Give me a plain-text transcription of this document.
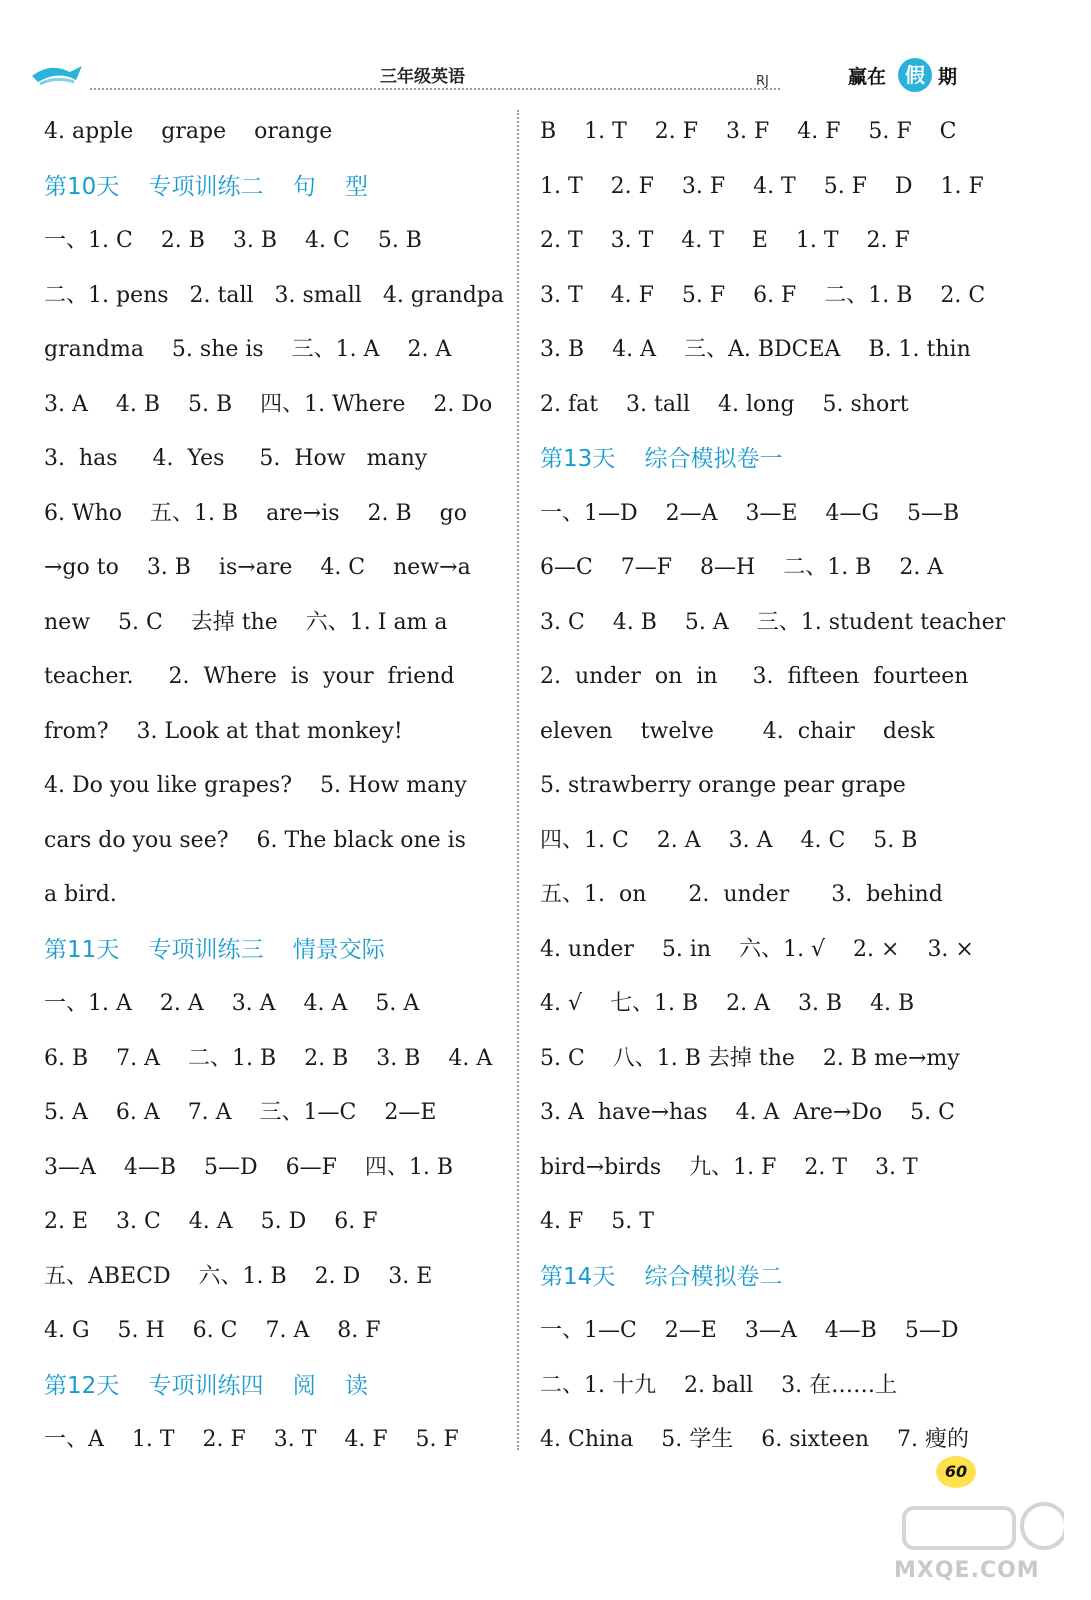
三年级英语	RJ	赢在 假 期
4. apple    grape    orange
第10天    专项训练二    句    型
一、1. C    2. B    3. B    4. C    5. B
二、1. pens   2. tall   3. small   4. grandpa
grandma    5. she is    三、1. A    2. A
3. A    4. B    5. B    四、1. Where    2. Do
3.  has     4.  Yes     5.  How   many
6. Who    五、1. B    are→is    2. B    go
→go to    3. B    is→are    4. C    new→a
new    5. C    去掉 the    六、1. I am a
teacher.     2.  Where  is  your  friend
from?    3. Look at that monkey!
4. Do you like grapes?    5. How many
cars do you see?    6. The black one is
a bird.
第11天    专项训练三    情景交际
一、1. A    2. A    3. A    4. A    5. A
6. B    7. A    二、1. B    2. B    3. B    4. A
5. A    6. A    7. A    三、1—C    2—E
3—A    4—B    5—D    6—F    四、1. B
2. E    3. C    4. A    5. D    6. F
五、ABECD    六、1. B    2. D    3. E
4. G    5. H    6. C    7. A    8. F
第12天    专项训练四    阅    读
一、A    1. T    2. F    3. T    4. F    5. F
B    1. T    2. F    3. F    4. F    5. F    C
1. T    2. F    3. F    4. T    5. F    D    1. F
2. T    3. T    4. T    E    1. T    2. F
3. T    4. F    5. F    6. F    二、1. B    2. C
3. B    4. A    三、A. BDCEA    B. 1. thin
2. fat    3. tall    4. long    5. short
第13天    综合模拟卷一
一、1—D    2—A    3—E    4—G    5—B
6—C    7—F    8—H    二、1. B    2. A
3. C    4. B    5. A    三、1. student teacher
2.  under  on  in     3.  fifteen  fourteen
eleven    twelve       4.  chair    desk
5. strawberry orange pear grape
四、1. C    2. A    3. A    4. C    5. B
五、1.  on      2.  under      3.  behind
4. under    5. in    六、1. √    2. ×    3. ×
4. √    七、1. B    2. A    3. B    4. B
5. C    八、1. B 去掉 the    2. B me→my
3. A  have→has    4. A  Are→Do    5. C
bird→birds    九、1. F    2. T    3. T
4. F    5. T
第14天    综合模拟卷二
一、1—C    2—E    3—A    4—B    5—D
二、1. 十九    2. ball    3. 在……上
4. China    5. 学生    6. sixteen    7. 瘦的
60
MXQE.COM
